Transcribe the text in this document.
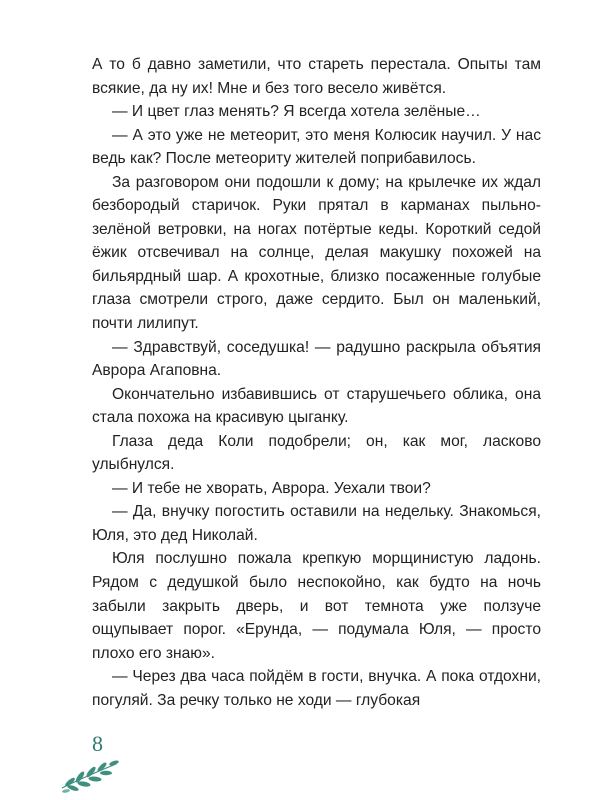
А то б давно заметили, что стареть перестала. Опыты там всякие, да ну их! Мне и без того весело живётся.

— И цвет глаз менять? Я всегда хотела зелёные…

— А это уже не метеорит, это меня Колюсик научил. У нас ведь как? После метеориту жителей поприбавилось.

За разговором они подошли к дому; на крылечке их ждал безбородый старичок. Руки прятал в карманах пыльно-зелёной ветровки, на ногах потёртые кеды. Короткий седой ёжик отсвечивал на солнце, делая макушку похожей на бильярдный шар. А крохотные, близко посаженные голубые глаза смотрели строго, даже сердито. Был он маленький, почти лилипут.

— Здравствуй, соседушка! — радушно раскрыла объятия Аврора Агаповна.

Окончательно избавившись от старушечьего облика, она стала похожа на красивую цыганку.

Глаза деда Коли подобрели; он, как мог, ласково улыбнулся.

— И тебе не хворать, Аврора. Уехали твои?

— Да, внучку погостить оставили на недельку. Знакомься, Юля, это дед Николай.

Юля послушно пожала крепкую морщинистую ладонь. Рядом с дедушкой было неспокойно, как будто на ночь забыли закрыть дверь, и вот темнота уже ползуче ощупывает порог. «Ерунда, — подумала Юля, — просто плохо его знаю».

— Через два часа пойдём в гости, внучка. А пока отдохни, погуляй. За речку только не ходи — глубокая

8
